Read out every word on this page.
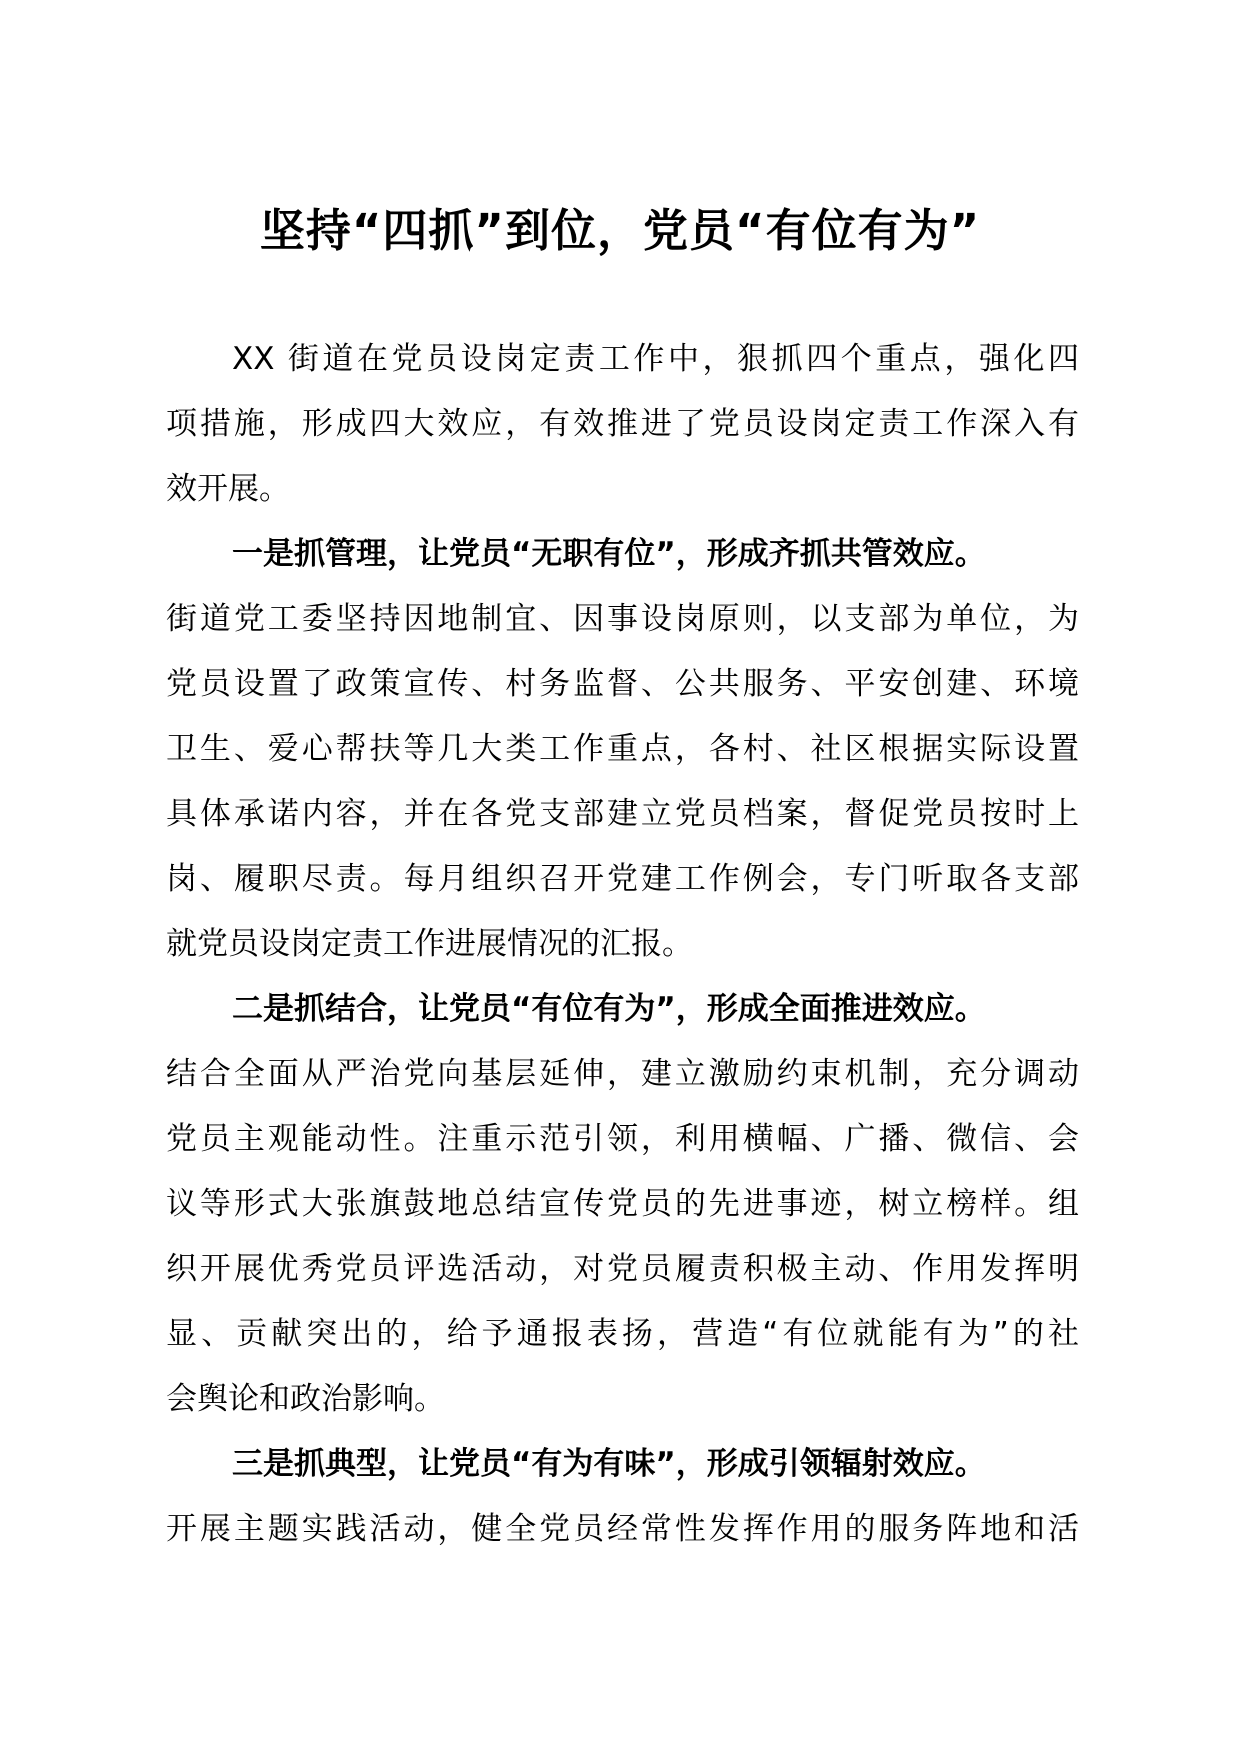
坚持“四抓”到位，党员“有位有为”
XX 街道在党员设岗定责工作中，狠抓四个重点，强化四
项措施，形成四大效应，有效推进了党员设岗定责工作深入有
效开展。
一是抓管理，让党员“无职有位”，形成齐抓共管效应。
街道党工委坚持因地制宜、因事设岗原则，以支部为单位，为
党员设置了政策宣传、村务监督、公共服务、平安创建、环境
卫生、爱心帮扶等几大类工作重点，各村、社区根据实际设置
具体承诺内容，并在各党支部建立党员档案，督促党员按时上
岗、履职尽责。每月组织召开党建工作例会，专门听取各支部
就党员设岗定责工作进展情况的汇报。
二是抓结合，让党员“有位有为”，形成全面推进效应。
结合全面从严治党向基层延伸，建立激励约束机制，充分调动
党员主观能动性。注重示范引领，利用横幅、广播、微信、会
议等形式大张旗鼓地总结宣传党员的先进事迹，树立榜样。组
织开展优秀党员评选活动，对党员履责积极主动、作用发挥明
显、贡献突出的，给予通报表扬，营造“有位就能有为”的社
会舆论和政治影响。
三是抓典型，让党员“有为有味”，形成引领辐射效应。
开展主题实践活动，健全党员经常性发挥作用的服务阵地和活
